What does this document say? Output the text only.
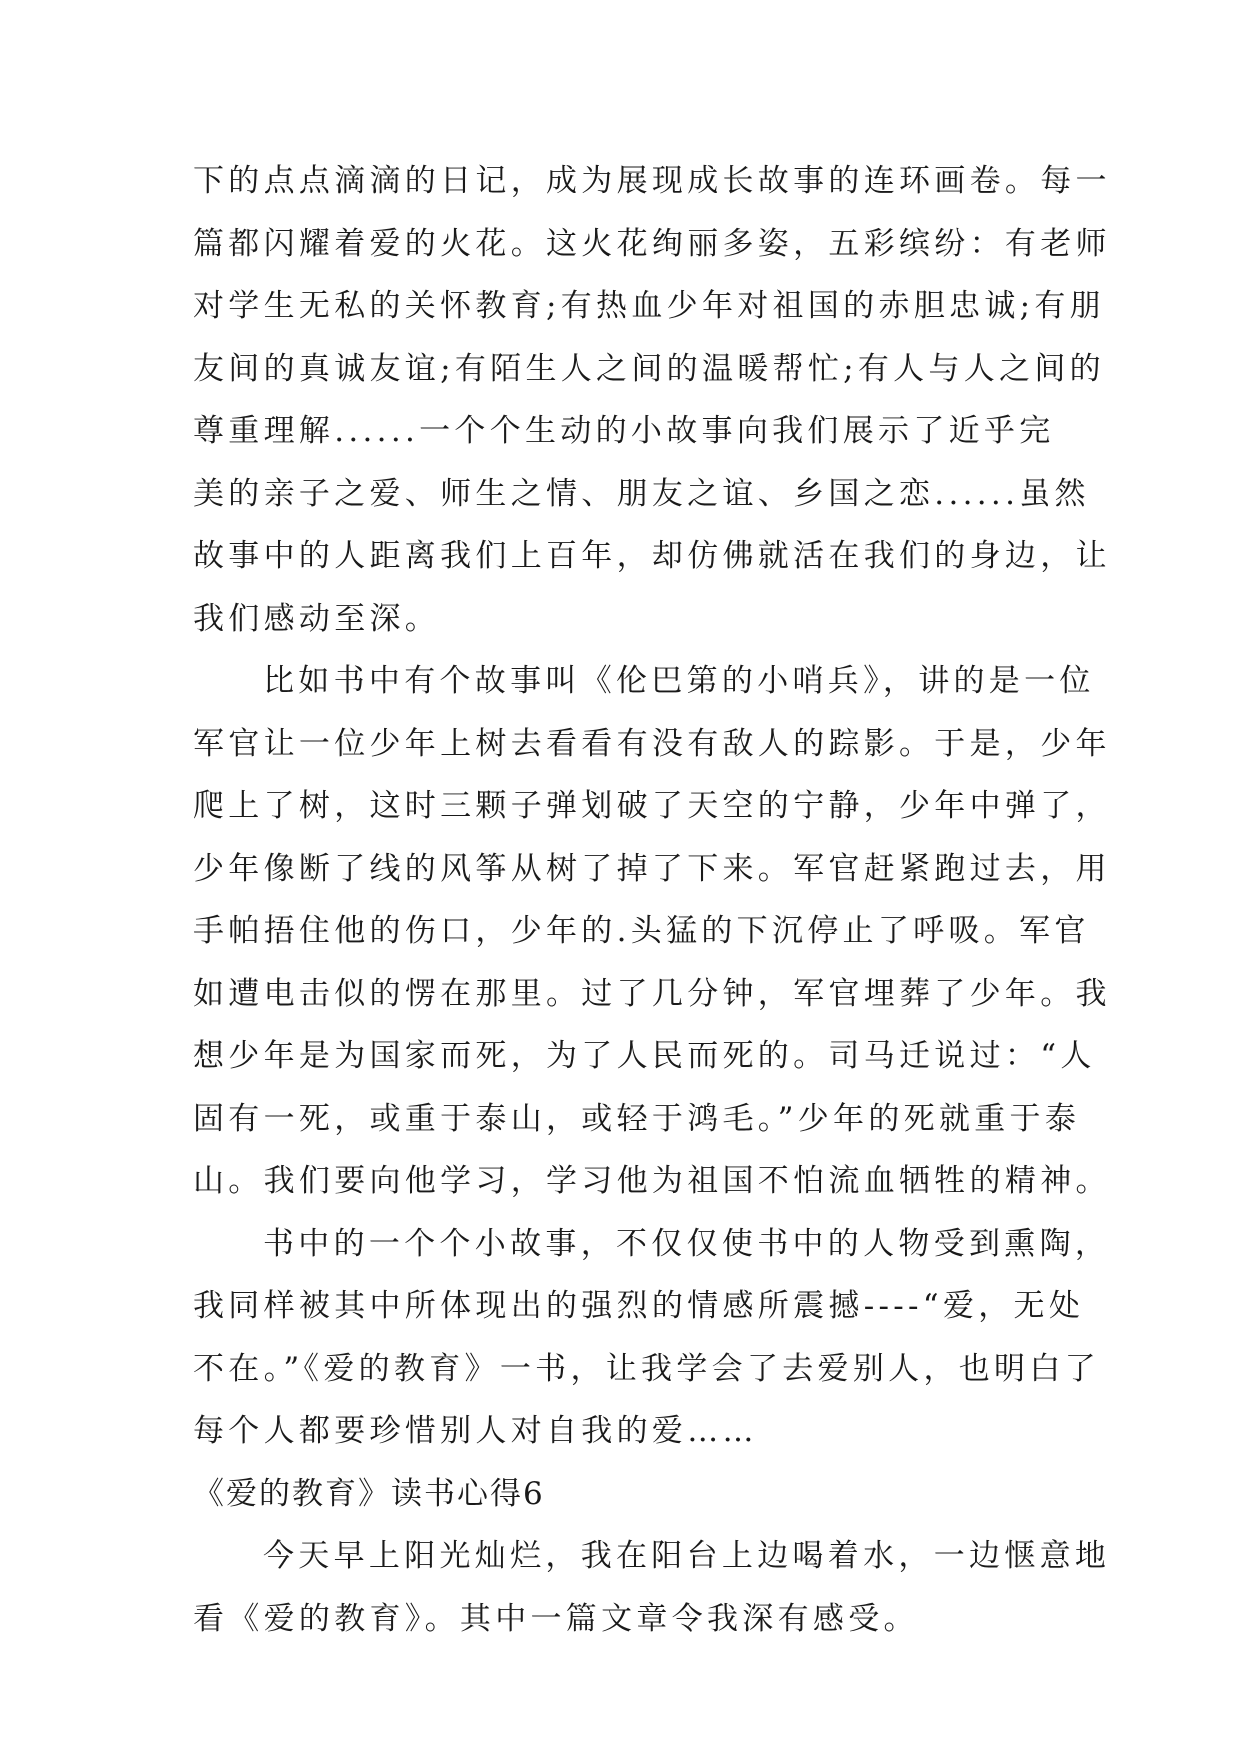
下的点点滴滴的日记，成为展现成长故事的连环画卷。每一
篇都闪耀着爱的火花。这火花绚丽多姿，五彩缤纷：有老师
对学生无私的关怀教育;有热血少年对祖国的赤胆忠诚;有朋
友间的真诚友谊;有陌生人之间的温暖帮忙;有人与人之间的
尊重理解......一个个生动的小故事向我们展示了近乎完
美的亲子之爱、师生之情、朋友之谊、乡国之恋......虽然
故事中的人距离我们上百年，却仿佛就活在我们的身边，让
我们感动至深。
比如书中有个故事叫《伦巴第的小哨兵》，讲的是一位
军官让一位少年上树去看看有没有敌人的踪影。于是，少年
爬上了树，这时三颗子弹划破了天空的宁静，少年中弹了，
少年像断了线的风筝从树了掉了下来。军官赶紧跑过去，用
手帕捂住他的伤口，少年的.头猛的下沉停止了呼吸。军官
如遭电击似的愣在那里。过了几分钟，军官埋葬了少年。我
想少年是为国家而死，为了人民而死的。司马迁说过：“人
固有一死，或重于泰山，或轻于鸿毛。”少年的死就重于泰
山。我们要向他学习，学习他为祖国不怕流血牺牲的精神。
书中的一个个小故事，不仅仅使书中的人物受到熏陶，
我同样被其中所体现出的强烈的情感所震撼----“爱，无处
不在。”《爱的教育》一书，让我学会了去爱别人，也明白了
每个人都要珍惜别人对自我的爱……
《爱的教育》读书心得6
今天早上阳光灿烂，我在阳台上边喝着水，一边惬意地
看《爱的教育》。其中一篇文章令我深有感受。
